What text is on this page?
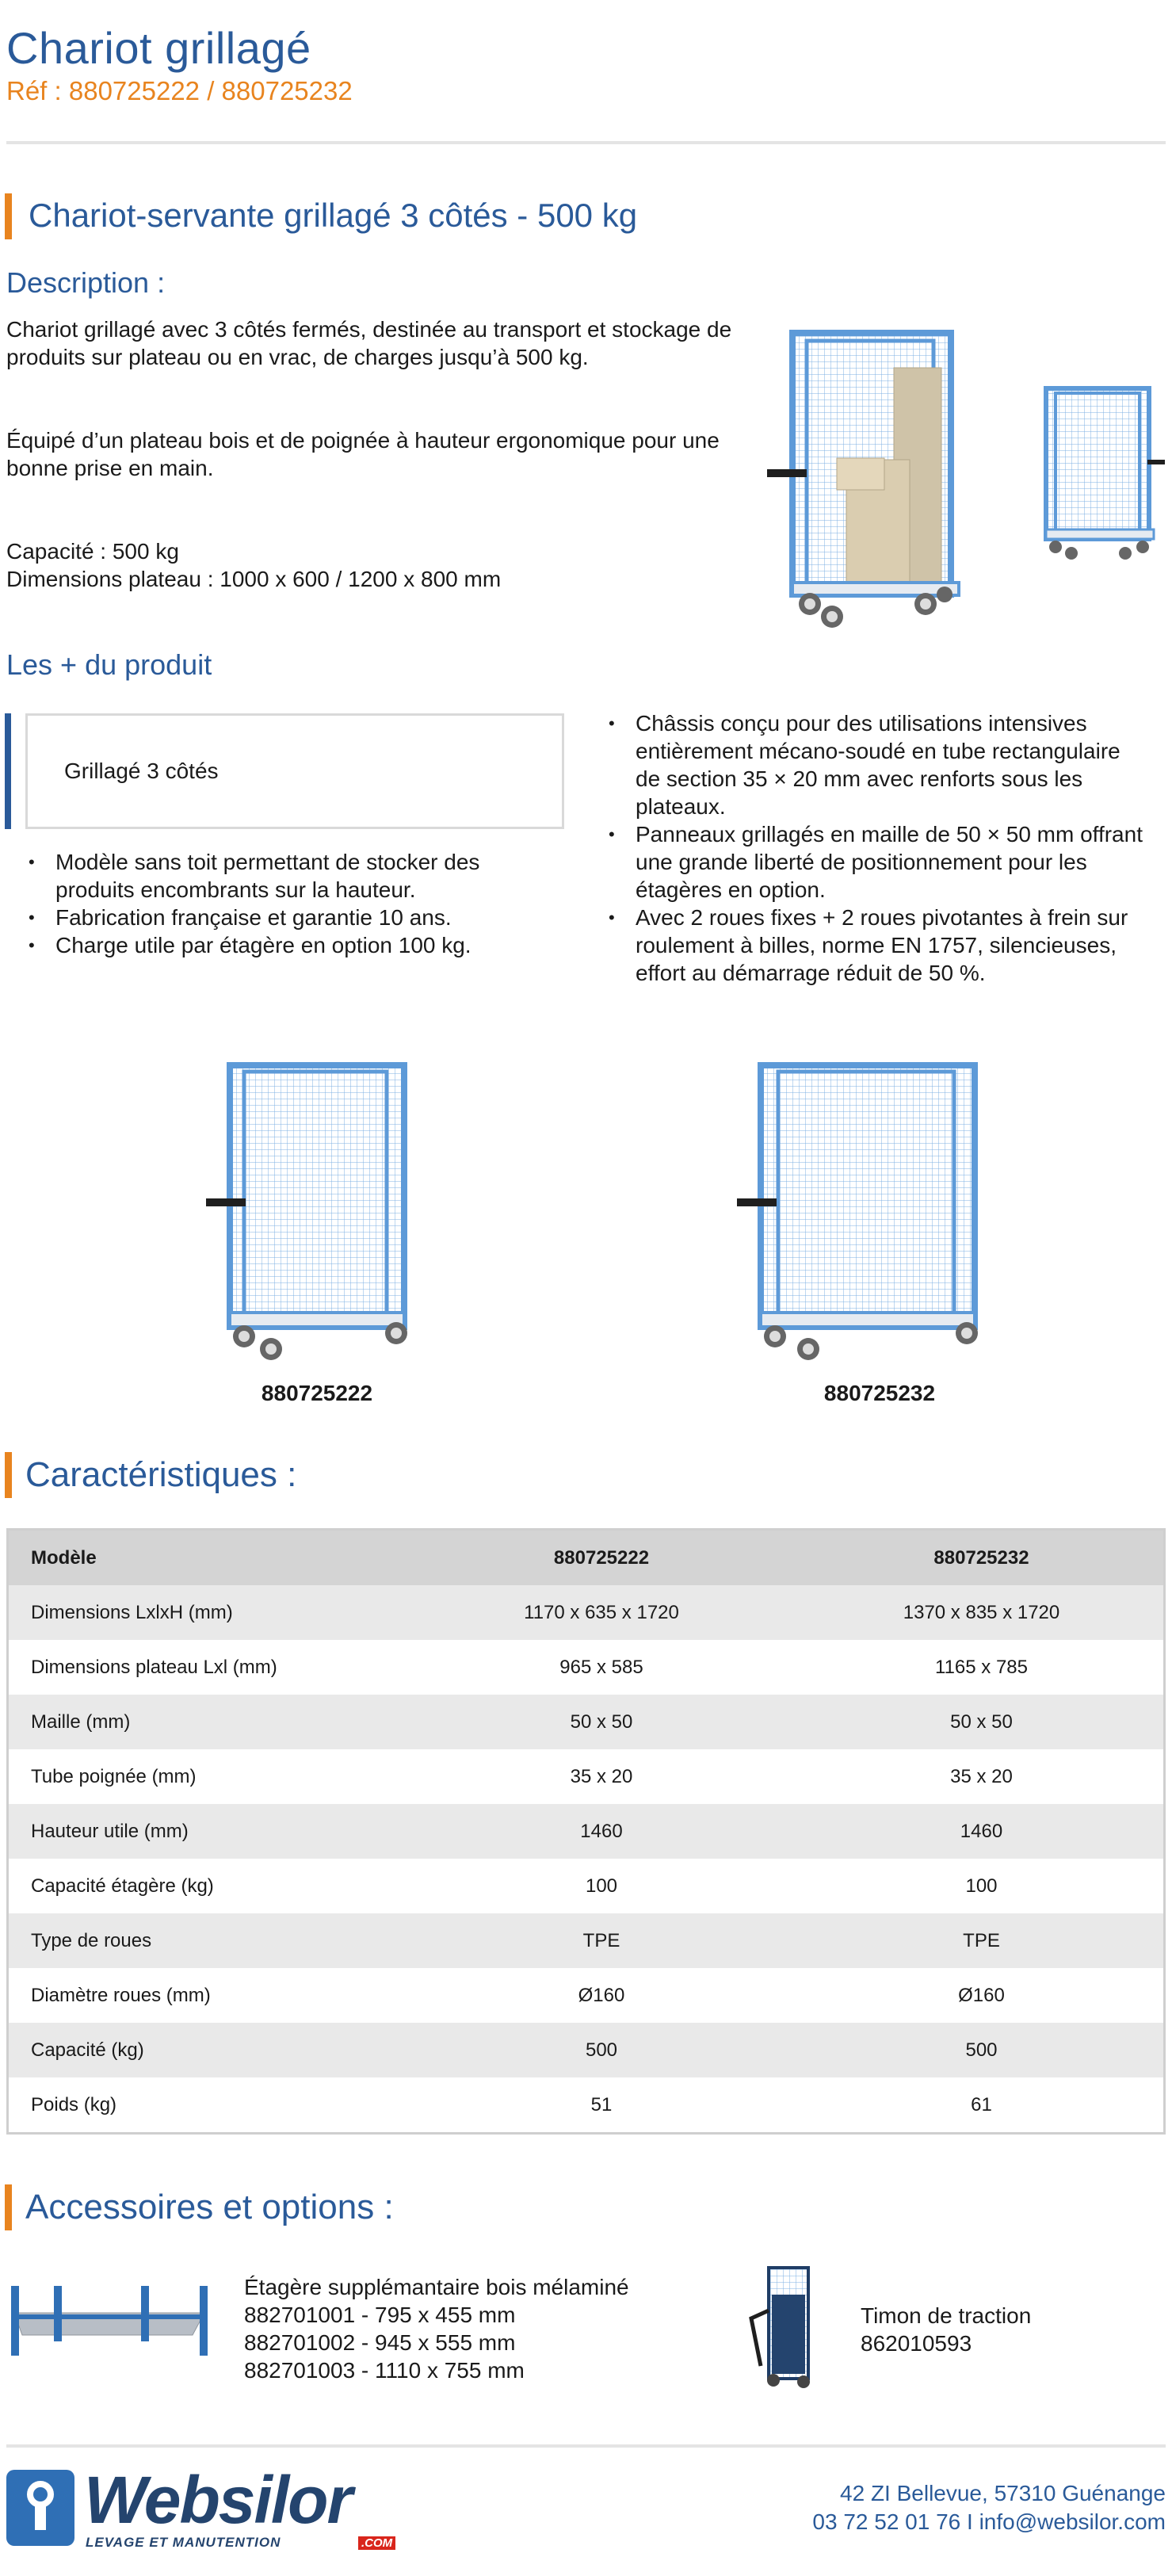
Chariot grillagé
Réf : 880725222 / 880725232
Chariot-servante grillagé 3 côtés - 500 kg
Description :
Chariot grillagé avec 3 côtés fermés, destinée au transport et stockage de produits sur plateau ou en vrac, de charges jusqu’à 500 kg.
Équipé d’un plateau bois et de poignée à hauteur ergonomique pour une bonne prise en main.
Capacité : 500 kg
Dimensions plateau : 1000 x 600 / 1200 x 800 mm
Les + du produit
Grillagé 3 côtés
• Modèle sans toit permettant de stocker des produits encombrants sur la hauteur.
• Fabrication française et garantie 10 ans.
• Charge utile par étagère en option 100 kg.
• Châssis conçu pour des utilisations intensives entièrement mécano-soudé en tube rectangulaire de section 35 × 20 mm avec renforts sous les plateaux.
• Panneaux grillagés en maille de 50 × 50 mm offrant une grande liberté de positionnement pour les étagères en option.
• Avec 2 roues fixes + 2 roues pivotantes à frein sur roulement à billes, norme EN 1757, silencieuses, effort au démarrage réduit de 50 %.
880725222	880725232
Caractéristiques :
Modèle	880725222	880725232
Dimensions LxlxH (mm)	1170 x 635 x 1720	1370 x 835 x 1720
Dimensions plateau Lxl (mm)	965 x 585	1165 x 785
Maille (mm)	50 x 50	50 x 50
Tube poignée (mm)	35 x 20	35 x 20
Hauteur utile (mm)	1460	1460
Capacité étagère (kg)	100	100
Type de roues	TPE	TPE
Diamètre roues (mm)	Ø160	Ø160
Capacité (kg)	500	500
Poids (kg)	51	61
Accessoires et options :
Étagère supplémantaire bois mélaminé
882701001 - 795 x 455 mm
882701002 - 945 x 555 mm
882701003 - 1110 x 755 mm
Timon de traction
862010593
Websilor
LEVAGE ET MANUTENTION	.COM
42 ZI Bellevue, 57310 Guénange
03 72 52 01 76 I info@websilor.com
